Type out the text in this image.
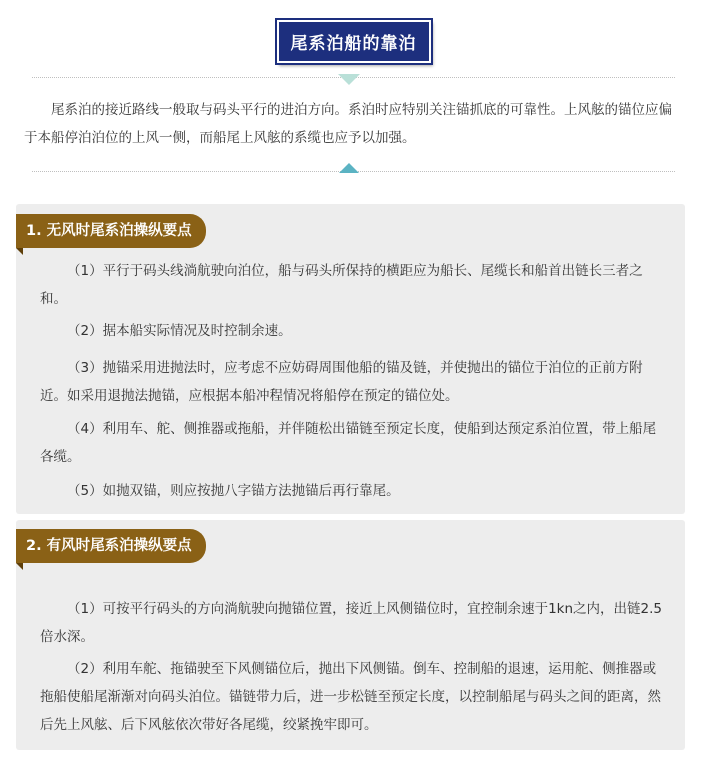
尾系泊船的靠泊

尾系泊的接近路线一般取与码头平行的进泊方向。系泊时应特别关注锚抓底的可靠性。上风舷的锚位应偏于本船停泊泊位的上风一侧，而船尾上风舷的系缆也应予以加强。

1. 无风时尾系泊操纵要点

（1）平行于码头线淌航驶向泊位，船与码头所保持的横距应为船长、尾缆长和船首出链长三者之和。

（2）据本船实际情况及时控制余速。

（3）抛锚采用进抛法时，应考虑不应妨碍周围他船的锚及链，并使抛出的锚位于泊位的正前方附近。如采用退抛法抛锚，应根据本船冲程情况将船停在预定的锚位处。

（4）利用车、舵、侧推器或拖船，并伴随松出锚链至预定长度，使船到达预定系泊位置，带上船尾各缆。

（5）如抛双锚，则应按抛八字锚方法抛锚后再行靠尾。

2. 有风时尾系泊操纵要点

（1）可按平行码头的方向淌航驶向抛锚位置，接近上风侧锚位时，宜控制余速于1kn之内，出链2.5倍水深。

（2）利用车舵、拖锚驶至下风侧锚位后，抛出下风侧锚。倒车、控制船的退速，运用舵、侧推器或拖船使船尾渐渐对向码头泊位。锚链带力后，进一步松链至预定长度，以控制船尾与码头之间的距离，然后先上风舷、后下风舷依次带好各尾缆，绞紧挽牢即可。
